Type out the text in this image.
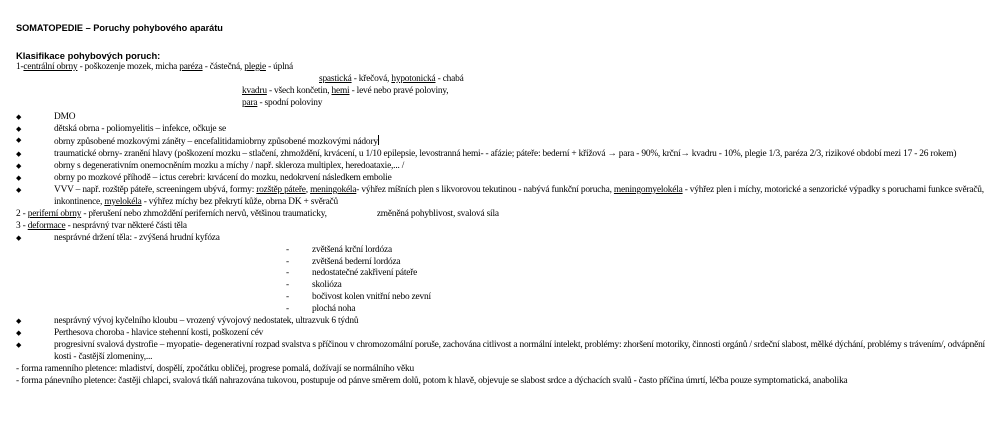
SOMATOPEDIE – Poruchy pohybového aparátu
Klasifikace pohybových poruch:
1-centrální obrny - poškozenje mozek, micha paréza - částečná, plegie - úplná
spastická - křečová, hypotonická - chabá
kvadru - všech končetin, hemi - levé nebo pravé poloviny,
para - spodní poloviny
◆	DMO
◆	dětská obrna - poliomyelitis – infekce, očkuje se
◆	obrny způsobené mozkovými záněty – encefalitidamiobrny způsobené mozkovými nádory
◆	traumatické obrny- zranění hlavy (poškození mozku – stlačení, zhmoždění, krvácení, u 1/10 epilepsie, levostranná hemi- - afázie; páteře: bederní + křížová → para - 90%, krční→ kvadru - 10%, plegie 1/3, paréza 2/3, rizikové období mezi 17 - 26 rokem)
◆	obrny s degenerativním onemocněním mozku a míchy / např. skleroza multiplex, heredoataxie,... /
◆	obrny po mozkové příhodě – ictus cerebri: krvácení do mozku, nedokrvení následkem embolie
◆	VVV – např. rozštěp páteře, screeningem ubývá, formy: rozštěp páteře, meningokéla- výhřez míšních plen s likvorovou tekutinou - nabývá funkční porucha, meningomyelokéla - výhřez plen i míchy, motorické a senzorické výpadky s poruchami funkce svěračů, inkontinence, myelokéla - výhřez míchy bez překrytí kůže, obrna DK + svěračů
2 - periferní obrny - přerušení nebo zhmoždění periferních nervů, většinou traumaticky,	změněná pohyblivost, svalová síla
3 - deformace - nesprávný tvar některé části těla
◆	nesprávné držení těla: - zvýšená hrudní kyfóza
-	zvětšená krční lordóza
-	zvětšená bederní lordóza
-	nedostatečné zakřivení páteře
-	skolióza
-	bočivost kolen vnitřní nebo zevní
-	plochá noha
◆	nesprávný vývoj kyčelního kloubu – vrozený vývojový nedostatek, ultrazvuk 6 týdnů
◆	Perthesova choroba - hlavice stehenní kosti, poškození cév
◆	progresivní svalová dystrofie – myopatie- degenerativní rozpad svalstva s příčinou v chromozomální poruše, zachována citlivost a normální intelekt, problémy: zhoršení motoriky, činnosti orgánů / srdeční slabost, mělké dýchání, problémy s trávením/, odvápnění kosti - častější zlomeniny,...
- forma ramenního pletence: mladiství, dospělí, zpočátku obličej, progrese pomalá, dožívají se normálního věku
- forma pánevního pletence: častěji chlapci, svalová tkáň nahrazována tukovou, postupuje od pánve směrem dolů, potom k hlavě, objevuje se slabost srdce a dýchacích svalů - často příčina úmrtí, léčba pouze symptomatická, anabolika
